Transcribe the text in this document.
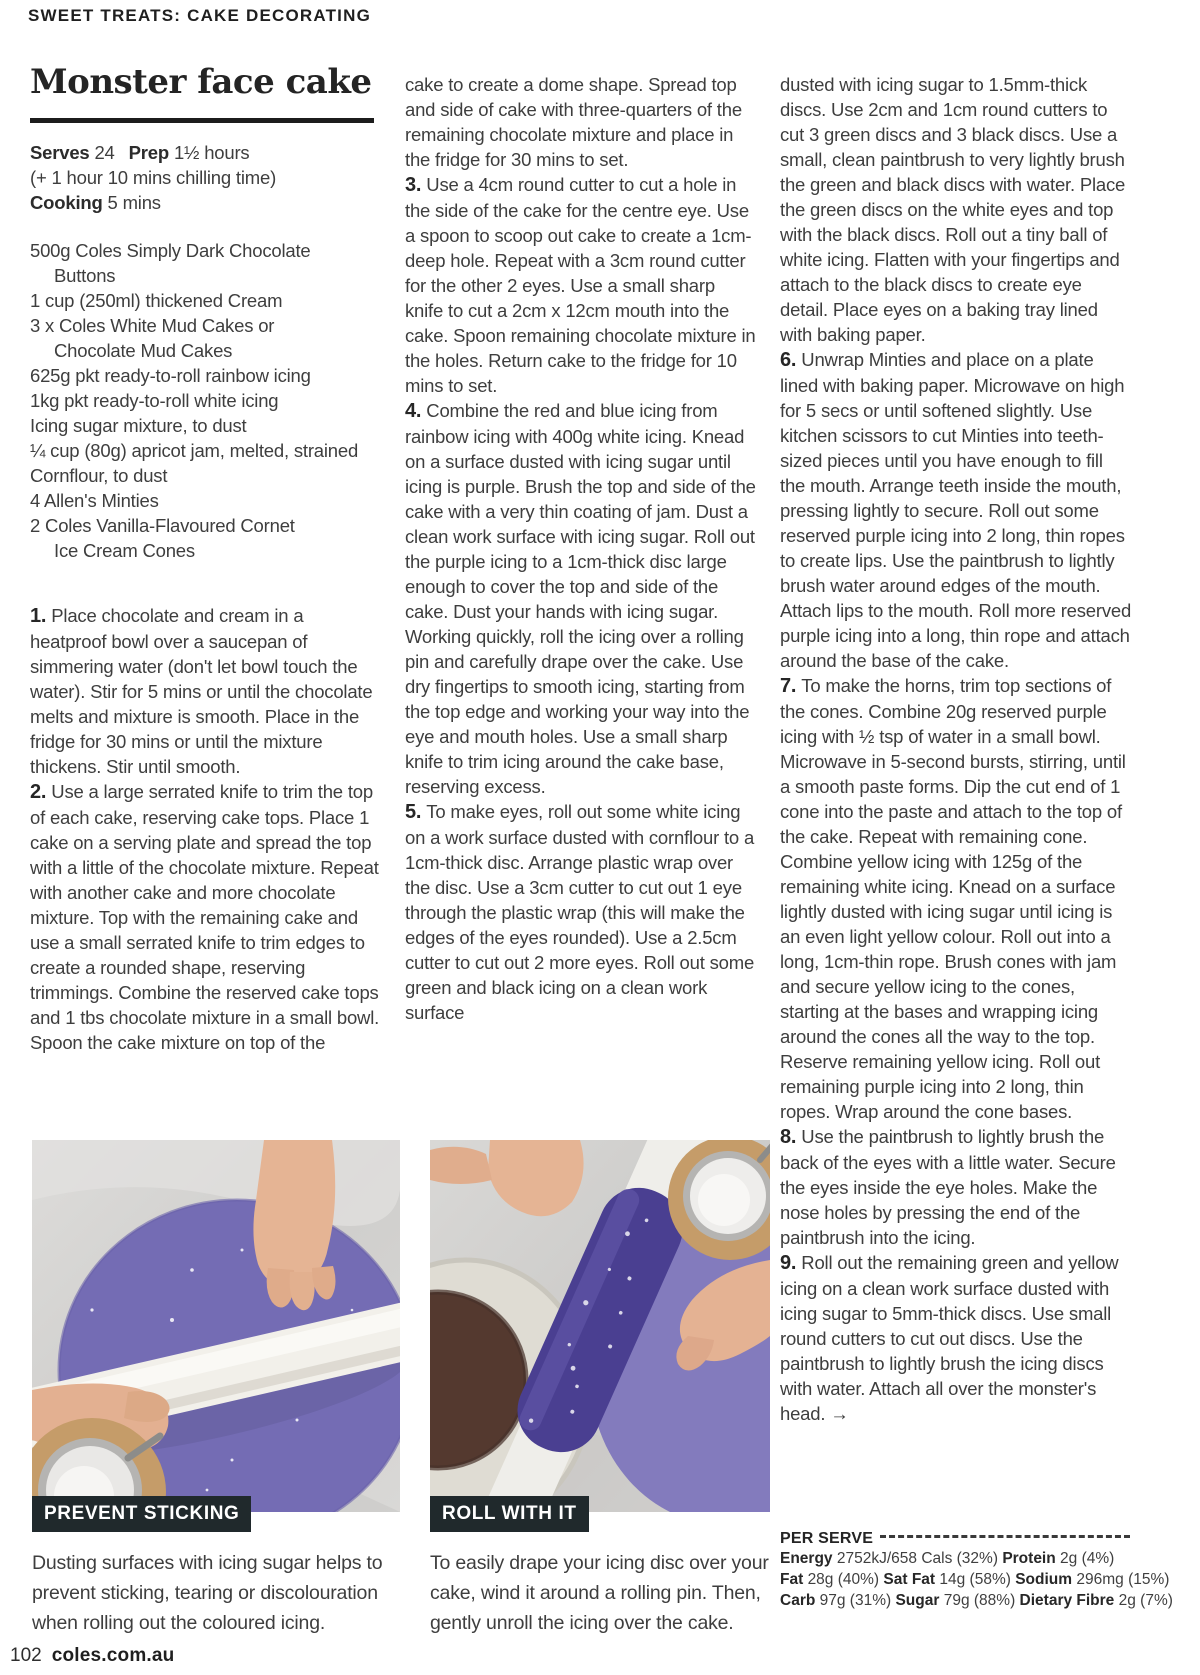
SWEET TREATS: CAKE DECORATING
Monster face cake
Serves 24 Prep 1½ hours
(+ 1 hour 10 mins chilling time)
Cooking 5 mins
500g Coles Simply Dark Chocolate
Buttons
1 cup (250ml) thickened Cream
3 x Coles White Mud Cakes or
Chocolate Mud Cakes
625g pkt ready-to-roll rainbow icing
1kg pkt ready-to-roll white icing
Icing sugar mixture, to dust
¼ cup (80g) apricot jam, melted, strained
Cornflour, to dust
4 Allen's Minties
2 Coles Vanilla-Flavoured Cornet
Ice Cream Cones

1. Place chocolate and cream in a heatproof bowl over a saucepan of simmering water (don't let bowl touch the water). Stir for 5 mins or until the chocolate melts and mixture is smooth. Place in the fridge for 30 mins or until the mixture thickens. Stir until smooth.

2. Use a large serrated knife to trim the top of each cake, reserving cake tops. Place 1 cake on a serving plate and spread the top with a little of the chocolate mixture. Repeat with another cake and more chocolate mixture. Top with the remaining cake and use a small serrated knife to trim edges to create a rounded shape, reserving trimmings. Combine the reserved cake tops and 1 tbs chocolate mixture in a small bowl. Spoon the cake mixture on top of the

cake to create a dome shape. Spread top and side of cake with three-quarters of the remaining chocolate mixture and place in the fridge for 30 mins to set.

3. Use a 4cm round cutter to cut a hole in the side of the cake for the centre eye. Use a spoon to scoop out cake to create a 1cm-deep hole. Repeat with a 3cm round cutter for the other 2 eyes. Use a small sharp knife to cut a 2cm x 12cm mouth into the cake. Spoon remaining chocolate mixture in the holes. Return cake to the fridge for 10 mins to set.

4. Combine the red and blue icing from rainbow icing with 400g white icing. Knead on a surface dusted with icing sugar until icing is purple. Brush the top and side of the cake with a very thin coating of jam. Dust a clean work surface with icing sugar. Roll out the purple icing to a 1cm-thick disc large enough to cover the top and side of the cake. Dust your hands with icing sugar. Working quickly, roll the icing over a rolling pin and carefully drape over the cake. Use dry fingertips to smooth icing, starting from the top edge and working your way into the eye and mouth holes. Use a small sharp knife to trim icing around the cake base, reserving excess.

5. To make eyes, roll out some white icing on a work surface dusted with cornflour to a 1cm-thick disc. Arrange plastic wrap over the disc. Use a 3cm cutter to cut out 1 eye through the plastic wrap (this will make the edges of the eyes rounded). Use a 2.5cm cutter to cut out 2 more eyes. Roll out some green and black icing on a clean work surface

dusted with icing sugar to 1.5mm-thick discs. Use 2cm and 1cm round cutters to cut 3 green discs and 3 black discs. Use a small, clean paintbrush to very lightly brush the green and black discs with water. Place the green discs on the white eyes and top with the black discs. Roll out a tiny ball of white icing. Flatten with your fingertips and attach to the black discs to create eye detail. Place eyes on a baking tray lined with baking paper.

6. Unwrap Minties and place on a plate lined with baking paper. Microwave on high for 5 secs or until softened slightly. Use kitchen scissors to cut Minties into teeth-sized pieces until you have enough to fill the mouth. Arrange teeth inside the mouth, pressing lightly to secure. Roll out some reserved purple icing into 2 long, thin ropes to create lips. Use the paintbrush to lightly brush water around edges of the mouth. Attach lips to the mouth. Roll more reserved purple icing into a long, thin rope and attach around the base of the cake.

7. To make the horns, trim top sections of the cones. Combine 20g reserved purple icing with ½ tsp of water in a small bowl. Microwave in 5-second bursts, stirring, until a smooth paste forms. Dip the cut end of 1 cone into the paste and attach to the top of the cake. Repeat with remaining cone. Combine yellow icing with 125g of the remaining white icing. Knead on a surface lightly dusted with icing sugar until icing is an even light yellow colour. Roll out into a long, 1cm-thin rope. Brush cones with jam and secure yellow icing to the cones, starting at the bases and wrapping icing around the cones all the way to the top. Reserve remaining yellow icing. Roll out remaining purple icing into 2 long, thin ropes. Wrap around the cone bases.

8. Use the paintbrush to lightly brush the back of the eyes with a little water. Secure the eyes inside the eye holes. Make the nose holes by pressing the end of the paintbrush into the icing.

9. Roll out the remaining green and yellow icing on a clean work surface dusted with icing sugar to 5mm-thick discs. Use small round cutters to cut out discs. Use the paintbrush to lightly brush the icing discs with water. Attach all over the monster's head. →

PER SERVE
Energy 2752kJ/658 Cals (32%) Protein 2g (4%)
Fat 28g (40%) Sat Fat 14g (58%) Sodium 296mg (15%)
Carb 97g (31%) Sugar 79g (88%) Dietary Fibre 2g (7%)
PREVENT STICKING	ROLL WITH IT
Dusting surfaces with icing sugar helps to prevent sticking, tearing or discolouration when rolling out the coloured icing.
To easily drape your icing disc over your cake, wind it around a rolling pin. Then, gently unroll the icing over the cake.
102 coles.com.au
